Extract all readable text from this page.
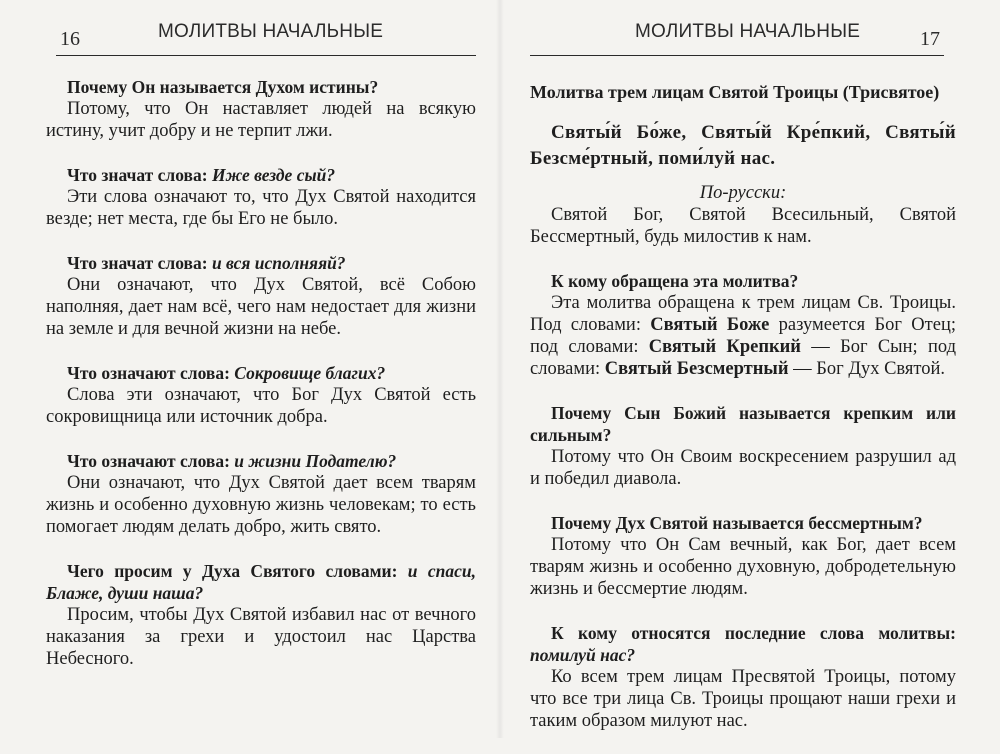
16	МОЛИТВЫ НАЧАЛЬНЫЕ
Почему Он называется Духом истины?
Потому, что Он наставляет людей на всякую истину, учит добру и не терпит лжи.
Что значат слова: Иже везде сый?
Эти слова означают то, что Дух Святой находится везде; нет места, где бы Его не было.
Что значат слова: и вся исполняяй?
Они означают, что Дух Святой, всё Собою наполняя, дает нам всё, чего нам недостает для жизни на земле и для вечной жизни на небе.
Что означают слова: Сокровище благих?
Слова эти означают, что Бог Дух Святой есть сокровищница или источник добра.
Что означают слова: и жизни Подателю?
Они означают, что Дух Святой дает всем тварям жизнь и особенно духовную жизнь человекам; то есть помогает людям делать добро, жить свято.
Чего просим у Духа Святого словами: и спаси, Блаже, души наша?
Просим, чтобы Дух Святой избавил нас от вечного наказания за грехи и удостоил нас Царства Небесного.
МОЛИТВЫ НАЧАЛЬНЫЕ	17
Молитва трем лицам Святой Троицы (Трисвятое)
Святы́й Бо́же, Святы́й Кре́пкий, Святы́й Безсме́ртный, поми́луй нас.
По-русски:
Святой Бог, Святой Всесильный, Святой Бессмертный, будь милостив к нам.
К кому обращена эта молитва?
Эта молитва обращена к трем лицам Св. Троицы. Под словами: Святый Боже разумеется Бог Отец; под словами: Святый Крепкий — Бог Сын; под словами: Святый Безсмертный — Бог Дух Святой.
Почему Сын Божий называется крепким или сильным?
Потому что Он Своим воскресением разрушил ад и победил диавола.
Почему Дух Святой называется бессмертным?
Потому что Он Сам вечный, как Бог, дает всем тварям жизнь и особенно духовную, добродетельную жизнь и бессмертие людям.
К кому относятся последние слова молитвы: помилуй нас?
Ко всем трем лицам Пресвятой Троицы, потому что все три лица Св. Троицы прощают наши грехи и таким образом милуют нас.
